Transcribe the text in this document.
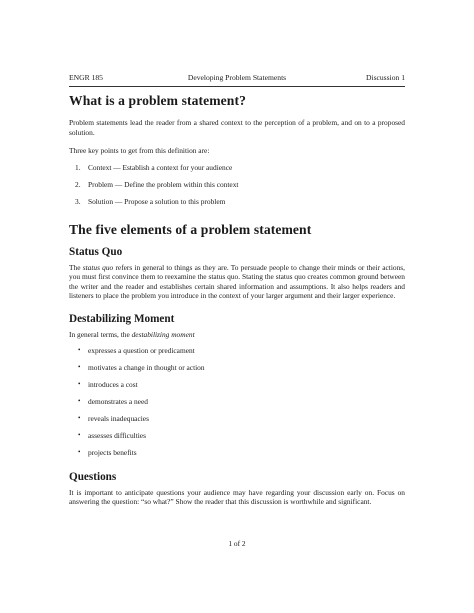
ENGR 185	Developing Problem Statements	Discussion 1
What is a problem statement?

Problem statements lead the reader from a shared context to the perception of a problem, and on to a proposed solution.

Three key points to get from this definition are:

1. Context — Establish a context for your audience
2. Problem — Define the problem within this context
3. Solution — Propose a solution to this problem
The five elements of a problem statement
Status Quo

The status quo refers in general to things as they are. To persuade people to change their minds or their actions, you must first convince them to reexamine the status quo. Stating the status quo creates common ground between the writer and the reader and establishes certain shared information and assumptions. It also helps readers and listeners to place the problem you introduce in the context of your larger argument and their larger experience.

Destabilizing Moment

In general terms, the destabilizing moment

• expresses a question or predicament
• motivates a change in thought or action
• introduces a cost
• demonstrates a need
• reveals inadequacies
• assesses difficulties
• projects benefits
Questions

It is important to anticipate questions your audience may have regarding your discussion early on. Focus on answering the question: “so what?” Show the reader that this discussion is worthwhile and significant.

1 of 2
